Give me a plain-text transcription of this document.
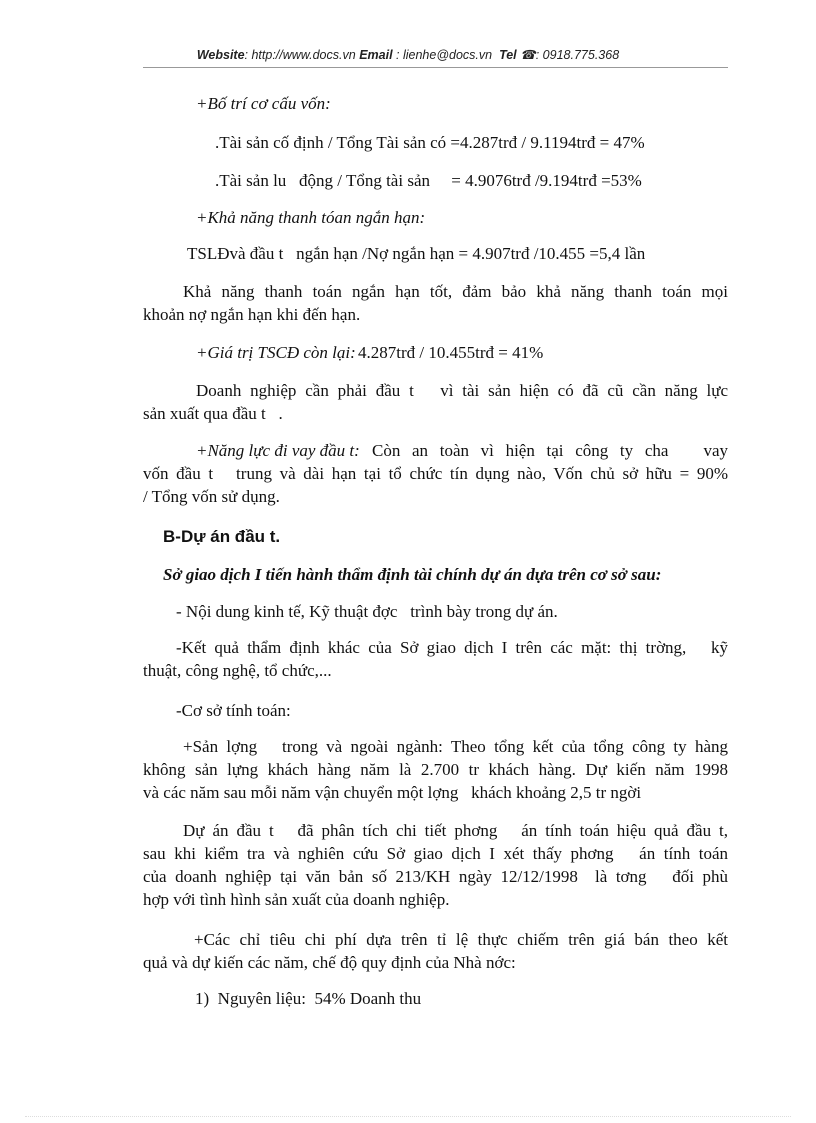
Website: http://www.docs.vn Email : lienhe@docs.vn Tel ☎: 0918.775.368
+Bố trí cơ cấu vốn:
.Tài sản cố định / Tổng Tài sản có =4.287trđ / 9.1194trđ = 47%
.Tài sản lu   động / Tổng tài sản     = 4.9076trđ /9.194trđ =53%
+Khả năng thanh tóan ngắn hạn:
TSLĐvà đầu t   ngắn hạn /Nợ ngắn hạn = 4.907trđ /10.455 =5,4 lần
Khả năng thanh toán ngắn hạn tốt, đảm bảo khả năng thanh toán mọi
khoản nợ ngắn hạn khi đến hạn.
+Giá trị TSCĐ còn lại: 4.287trđ / 10.455trđ = 41%
Doanh nghiệp cần phải đầu t   vì tài sản hiện có đã cũ cần năng lực
sản xuất qua đầu t   .
+Năng lực đi vay đầu t: Còn an toàn vì hiện tại công ty cha   vay
vốn đầu t   trung và dài hạn tại tổ chức tín dụng nào, Vốn chủ sở hữu = 90%
/ Tổng vốn sử dụng.
B-Dự án đầu t.
Sở giao dịch I tiến hành thẩm định tài chính dự án dựa trên cơ sở sau:
- Nội dung kinh tế, Kỹ thuật đợc   trình bày trong dự án.
-Kết quả thẩm định khác của Sở giao dịch I trên các mặt: thị trờng,   kỹ
thuật, công nghệ, tổ chức,...
-Cơ sở tính toán:
+Sản lợng   trong và ngoài ngành: Theo tổng kết của tổng công ty hàng
không sản lựng khách hàng năm là 2.700 tr khách hàng. Dự kiến năm 1998
và các năm sau mỗi năm vận chuyển một lợng   khách khoảng 2,5 tr ngời
Dự án đầu t   đã phân tích chi tiết phơng   án tính toán hiệu quả đầu t,
sau khi kiểm tra và nghiên cứu Sở giao dịch I xét thấy phơng   án tính toán
của doanh nghiệp tại văn bản số 213/KH ngày 12/12/1998  là tơng   đối phù
hợp với tình hình sản xuất của doanh nghiệp.
+Các chỉ tiêu chi phí dựa trên tỉ lệ thực chiếm trên giá bán theo kết
quả và dự kiến các năm, chế độ quy định của Nhà nớc:
1)  Nguyên liệu:  54% Doanh thu
